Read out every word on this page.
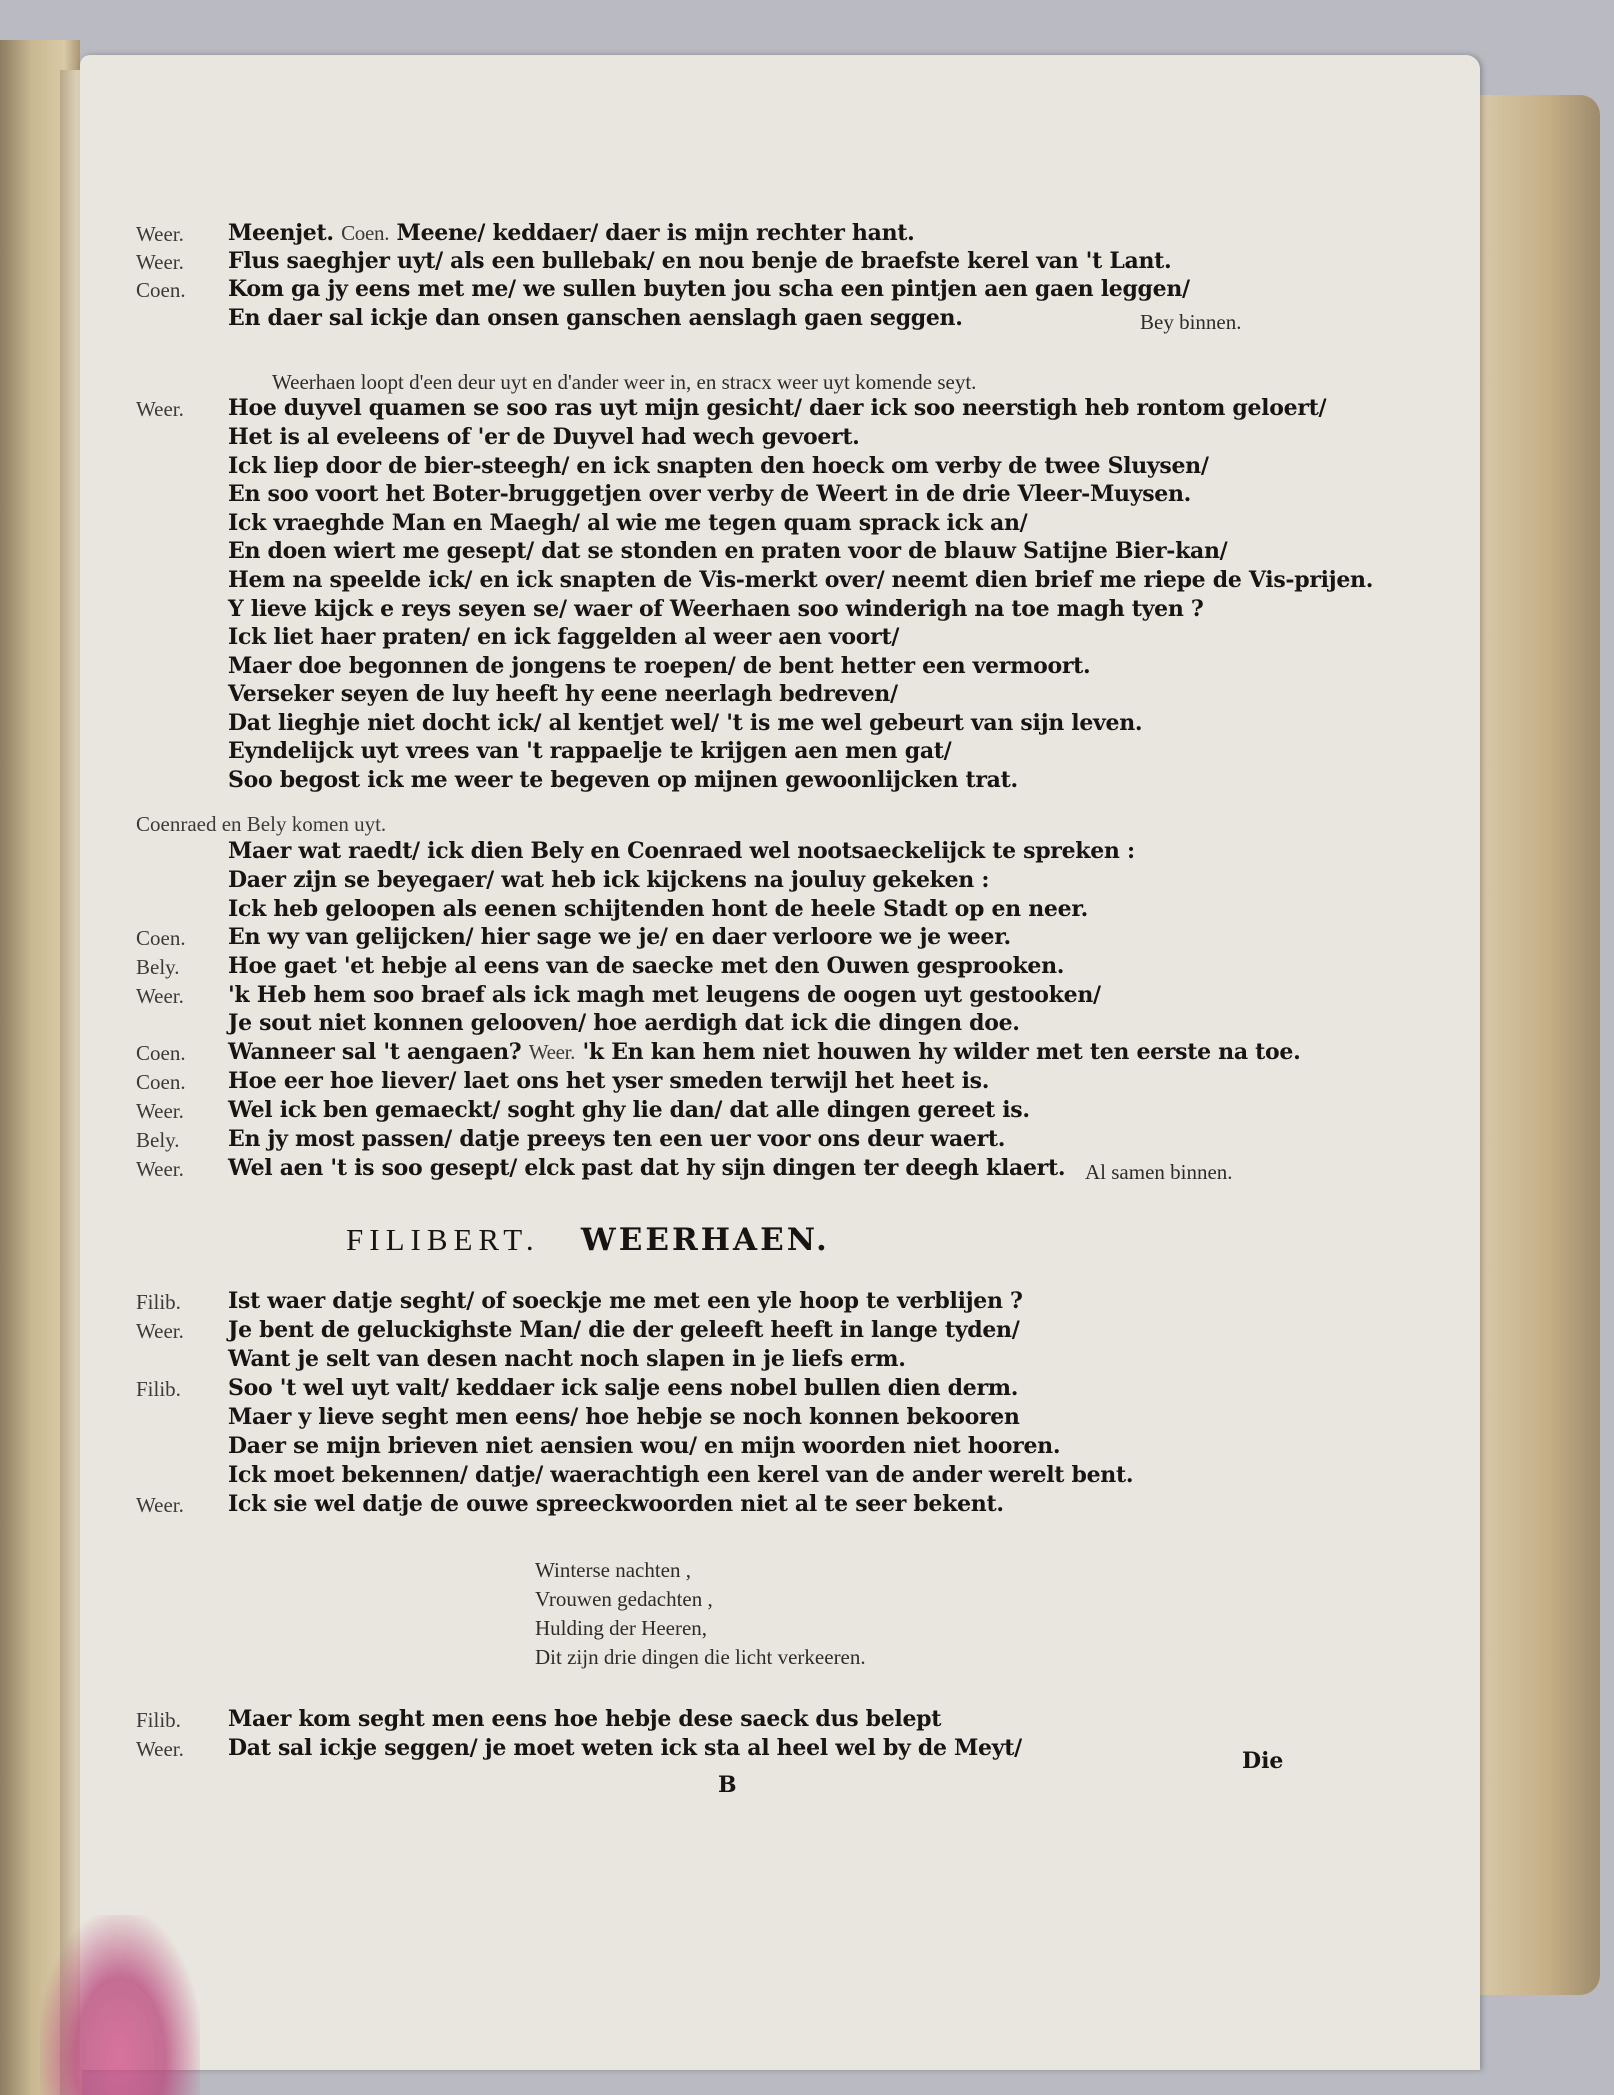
Weer. Meenjet. Coen. Meene/ keddaer/ daer is mijn rechter hant.
Weer. Flus saeghjer uyt/ als een bullebak/ en nou benje de braefste kerel van 't Lant.
Coen. Kom ga jy eens met me/ we sullen buyten jou scha een pintjen aen gaen leggen/
En daer sal ickje dan onsen ganschen aenslagh gaen seggen.	Bey binnen.
Weerhaen loopt d'een deur uyt en d'ander weer in, en stracx weer uyt komende seyt.
Weer. Hoe duyvel quamen se soo ras uyt mijn gesicht/ daer ick soo neerstigh heb rontom geloert/
Het is al eveleens of 'er de Duyvel had wech gevoert.
Ick liep door de bier-steegh/ en ick snapten den hoeck om verby de twee Sluysen/
En soo voort het Boter-bruggetjen over verby de Weert in de drie Vleer-Muysen.
Ick vraeghde Man en Maegh/ al wie me tegen quam sprack ick an/
En doen wiert me gesept/ dat se stonden en praten voor de blauw Satijne Bier-kan/
Hem na speelde ick/ en ick snapten de Vis-merkt over/ neemt dien brief me riepe de Vis-prijen.
Y lieve kijck e reys seyen se/ waer of Weerhaen soo winderigh na toe magh tyen ?
Ick liet haer praten/ en ick faggelden al weer aen voort/
Maer doe begonnen de jongens te roepen/ de bent hetter een vermoort.
Verseker seyen de luy heeft hy eene neerlagh bedreven/
Dat lieghje niet docht ick/ al kentjet wel/ 't is me wel gebeurt van sijn leven.
Eyndelijck uyt vrees van 't rappaelje te krijgen aen men gat/
Soo begost ick me weer te begeven op mijnen gewoonlijcken trat.
Coenraed en Bely komen uyt.
Maer wat raedt/ ick dien Bely en Coenraed wel nootsaeckelijck te spreken :
Daer zijn se beyegaer/ wat heb ick kijckens na jouluy gekeken :
Ick heb geloopen als eenen schijtenden hont de heele Stadt op en neer.
Coen. En wy van gelijcken/ hier sage we je/ en daer verloore we je weer.
Bely. Hoe gaet 'et hebje al eens van de saecke met den Ouwen gesprooken.
Weer. 'k Heb hem soo braef als ick magh met leugens de oogen uyt gestooken/
Je sout niet konnen gelooven/ hoe aerdigh dat ick die dingen doe.
Coen. Wanneer sal 't aengaen? Weer. 'k En kan hem niet houwen hy wilder met ten eerste na toe.
Coen. Hoe eer hoe liever/ laet ons het yser smeden terwijl het heet is.
Weer. Wel ick ben gemaeckt/ soght ghy lie dan/ dat alle dingen gereet is.
Bely. En jy most passen/ datje preeys ten een uer voor ons deur waert.
Weer. Wel aen 't is soo gesept/ elck past dat hy sijn dingen ter deegh klaert. Al samen binnen.
FILIBERT. WEERHAEN.
Filib. Ist waer datje seght/ of soeckje me met een yle hoop te verblijen ?
Weer. Je bent de geluckighste Man/ die der geleeft heeft in lange tyden/
Want je selt van desen nacht noch slapen in je liefs erm.
Filib. Soo 't wel uyt valt/ keddaer ick salje eens nobel bullen dien derm.
Maer y lieve seght men eens/ hoe hebje se noch konnen bekooren
Daer se mijn brieven niet aensien wou/ en mijn woorden niet hooren.
Ick moet bekennen/ datje/ waerachtigh een kerel van de ander werelt bent.
Weer. Ick sie wel datje de ouwe spreeckwoorden niet al te seer bekent.
Winterse nachten ,
Vrouwen gedachten ,
Hulding der Heeren,
Dit zijn drie dingen die licht verkeeren.
Filib. Maer kom seght men eens hoe hebje dese saeck dus belept
Weer. Dat sal ickje seggen/ je moet weten ick sta al heel wel by de Meyt/
B
Die
